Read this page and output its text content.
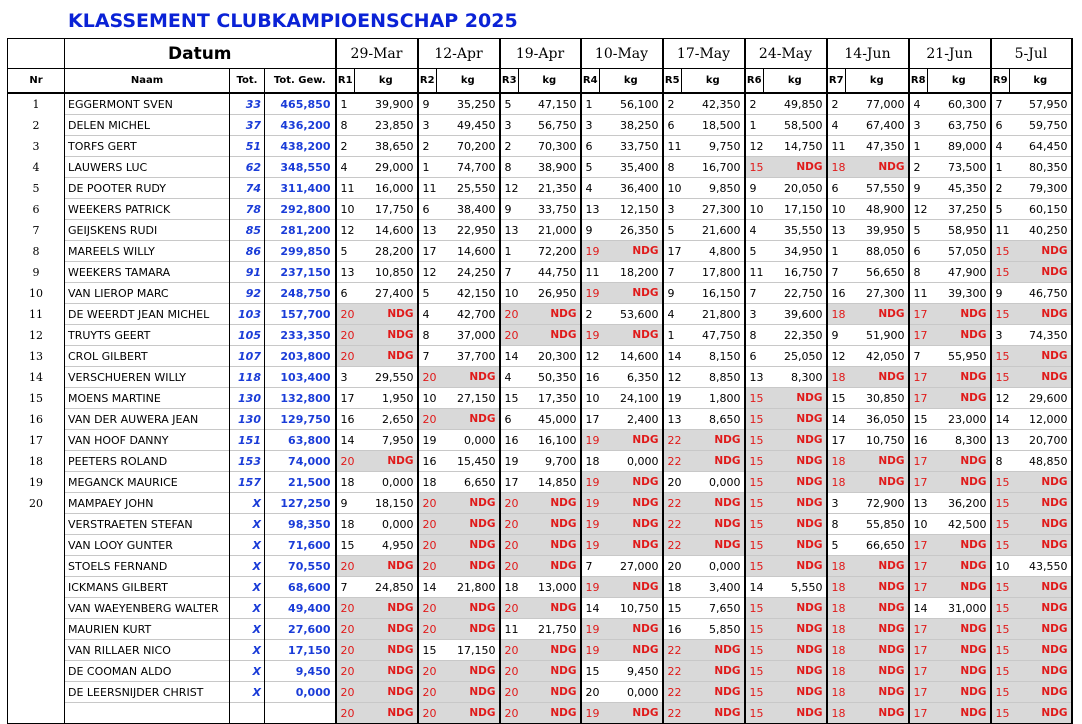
KLASSEMENT CLUBKAMPIOENSCHAP 2025
	Datum			29-Mar		12-Apr		19-Apr		10-May		17-May		24-May		14-Jun		21-Jun		5-Jul	
Nr	Naam	Tot.	Tot. Gew.	R1	kg	R2	kg	R3	kg	R4	kg	R5	kg	R6	kg	R7	kg	R8	kg	R9	kg
1	EGGERMONT SVEN	33	465,850	1	39,900	9	35,250	5	47,150	1	56,100	2	42,350	2	49,850	2	77,000	4	60,300	7	57,950
2	DELEN MICHEL	37	436,200	8	23,850	3	49,450	3	56,750	3	38,250	6	18,500	1	58,500	4	67,400	3	63,750	6	59,750
3	TORFS GERT	51	438,200	2	38,650	2	70,200	2	70,300	6	33,750	11	9,750	12	14,750	11	47,350	1	89,000	4	64,450
4	LAUWERS LUC	62	348,550	4	29,000	1	74,700	8	38,900	5	35,400	8	16,700	15	NDG	18	NDG	2	73,500	1	80,350
5	DE POOTER RUDY	74	311,400	11	16,000	11	25,550	12	21,350	4	36,400	10	9,850	9	20,050	6	57,550	9	45,350	2	79,300
6	WEEKERS PATRICK	78	292,800	10	17,750	6	38,400	9	33,750	13	12,150	3	27,300	10	17,150	10	48,900	12	37,250	5	60,150
7	GEIJSKENS RUDI	85	281,200	12	14,600	13	22,950	13	21,000	9	26,350	5	21,600	4	35,550	13	39,950	5	58,950	11	40,250
8	MAREELS WILLY	86	299,850	5	28,200	17	14,600	1	72,200	19	NDG	17	4,800	5	34,950	1	88,050	6	57,050	15	NDG
9	WEEKERS TAMARA	91	237,150	13	10,850	12	24,250	7	44,750	11	18,200	7	17,800	11	16,750	7	56,650	8	47,900	15	NDG
10	VAN LIEROP MARC	92	248,750	6	27,400	5	42,150	10	26,950	19	NDG	9	16,150	7	22,750	16	27,300	11	39,300	9	46,750
11	DE WEERDT JEAN MICHEL	103	157,700	20	NDG	4	42,700	20	NDG	2	53,600	4	21,800	3	39,600	18	NDG	17	NDG	15	NDG
12	TRUYTS GEERT	105	233,350	20	NDG	8	37,000	20	NDG	19	NDG	1	47,750	8	22,350	9	51,900	17	NDG	3	74,350
13	CROL GILBERT	107	203,800	20	NDG	7	37,700	14	20,300	12	14,600	14	8,150	6	25,050	12	42,050	7	55,950	15	NDG
14	VERSCHUEREN WILLY	118	103,400	3	29,550	20	NDG	4	50,350	16	6,350	12	8,850	13	8,300	18	NDG	17	NDG	15	NDG
15	MOENS MARTINE	130	132,800	17	1,950	10	27,150	15	17,350	10	24,100	19	1,800	15	NDG	15	30,850	17	NDG	12	29,600
16	VAN DER AUWERA JEAN	130	129,750	16	2,650	20	NDG	6	45,000	17	2,400	13	8,650	15	NDG	14	36,050	15	23,000	14	12,000
17	VAN HOOF DANNY	151	63,800	14	7,950	19	0,000	16	16,100	19	NDG	22	NDG	15	NDG	17	10,750	16	8,300	13	20,700
18	PEETERS ROLAND	153	74,000	20	NDG	16	15,450	19	9,700	18	0,000	22	NDG	15	NDG	18	NDG	17	NDG	8	48,850
19	MEGANCK MAURICE	157	21,500	18	0,000	18	6,650	17	14,850	19	NDG	20	0,000	15	NDG	18	NDG	17	NDG	15	NDG
20	MAMPAEY JOHN	X	127,250	9	18,150	20	NDG	20	NDG	19	NDG	22	NDG	15	NDG	3	72,900	13	36,200	15	NDG
	VERSTRAETEN STEFAN	X	98,350	18	0,000	20	NDG	20	NDG	19	NDG	22	NDG	15	NDG	8	55,850	10	42,500	15	NDG
	VAN LOOY GUNTER	X	71,600	15	4,950	20	NDG	20	NDG	19	NDG	22	NDG	15	NDG	5	66,650	17	NDG	15	NDG
	STOELS FERNAND	X	70,550	20	NDG	20	NDG	20	NDG	7	27,000	20	0,000	15	NDG	18	NDG	17	NDG	10	43,550
	ICKMANS GILBERT	X	68,600	7	24,850	14	21,800	18	13,000	19	NDG	18	3,400	14	5,550	18	NDG	17	NDG	15	NDG
	VAN WAEYENBERG WALTER	X	49,400	20	NDG	20	NDG	20	NDG	14	10,750	15	7,650	15	NDG	18	NDG	14	31,000	15	NDG
	MAURIEN KURT	X	27,600	20	NDG	20	NDG	11	21,750	19	NDG	16	5,850	15	NDG	18	NDG	17	NDG	15	NDG
	VAN RILLAER NICO	X	17,150	20	NDG	15	17,150	20	NDG	19	NDG	22	NDG	15	NDG	18	NDG	17	NDG	15	NDG
	DE COOMAN ALDO	X	9,450	20	NDG	20	NDG	20	NDG	15	9,450	22	NDG	15	NDG	18	NDG	17	NDG	15	NDG
	DE LEERSNIJDER CHRIST	X	0,000	20	NDG	20	NDG	20	NDG	20	0,000	22	NDG	15	NDG	18	NDG	17	NDG	15	NDG
				20	NDG	20	NDG	20	NDG	19	NDG	22	NDG	15	NDG	18	NDG	17	NDG	15	NDG
